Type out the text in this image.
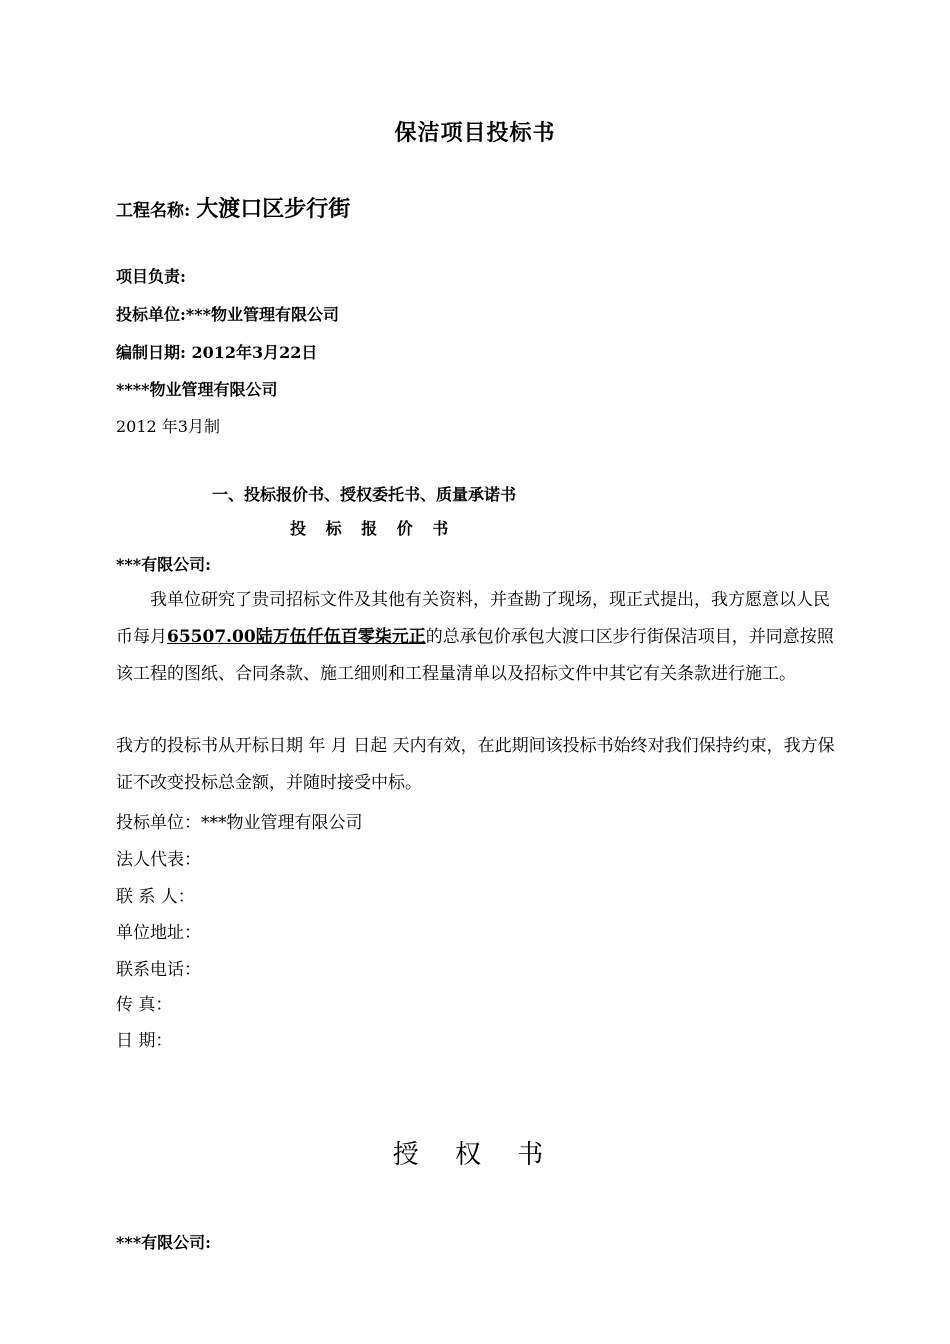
保洁项目投标书
工程名称: 大渡口区步行街
项目负责:
投标单位:***物业管理有限公司
编制日期: 2012年3月22日
****物业管理有限公司
2012 年3月制
一、投标报价书、授权委托书、质量承诺书
投 标 报 价 书
***有限公司:
我单位研究了贵司招标文件及其他有关资料，并查勘了现场，现正式提出，我方愿意以人民币每月65507.00陆万伍仟伍百零柒元正的总承包价承包大渡口区步行街保洁项目，并同意按照该工程的图纸、合同条款、施工细则和工程量清单以及招标文件中其它有关条款进行施工。
我方的投标书从开标日期 年 月 日起 天内有效，在此期间该投标书始终对我们保持约束，我方保证不改变投标总金额，并随时接受中标。
投标单位：***物业管理有限公司
法人代表：
联 系 人：
单位地址：
联系电话：
传 真：
日 期：
授 权 书
***有限公司:
